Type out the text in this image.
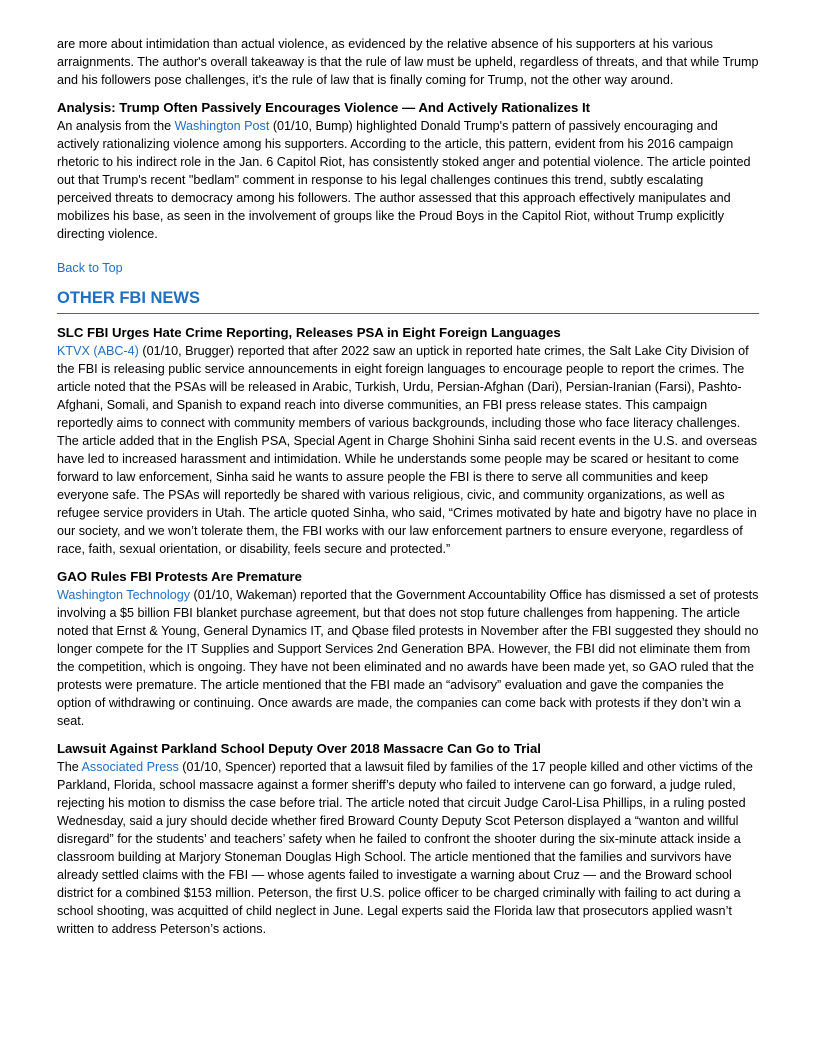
are more about intimidation than actual violence, as evidenced by the relative absence of his supporters at his various arraignments. The author's overall takeaway is that the rule of law must be upheld, regardless of threats, and that while Trump and his followers pose challenges, it's the rule of law that is finally coming for Trump, not the other way around.

Analysis: Trump Often Passively Encourages Violence — And Actively Rationalizes It

An analysis from the Washington Post (01/10, Bump) highlighted Donald Trump's pattern of passively encouraging and actively rationalizing violence among his supporters. According to the article, this pattern, evident from his 2016 campaign rhetoric to his indirect role in the Jan. 6 Capitol Riot, has consistently stoked anger and potential violence. The article pointed out that Trump's recent "bedlam" comment in response to his legal challenges continues this trend, subtly escalating perceived threats to democracy among his followers. The author assessed that this approach effectively manipulates and mobilizes his base, as seen in the involvement of groups like the Proud Boys in the Capitol Riot, without Trump explicitly directing violence.

Back to Top
OTHER FBI NEWS
SLC FBI Urges Hate Crime Reporting, Releases PSA in Eight Foreign Languages

KTVX (ABC-4) (01/10, Brugger) reported that after 2022 saw an uptick in reported hate crimes, the Salt Lake City Division of the FBI is releasing public service announcements in eight foreign languages to encourage people to report the crimes. The article noted that the PSAs will be released in Arabic, Turkish, Urdu, Persian-Afghan (Dari), Persian-Iranian (Farsi), Pashto-Afghani, Somali, and Spanish to expand reach into diverse communities, an FBI press release states. This campaign reportedly aims to connect with community members of various backgrounds, including those who face literacy challenges. The article added that in the English PSA, Special Agent in Charge Shohini Sinha said recent events in the U.S. and overseas have led to increased harassment and intimidation. While he understands some people may be scared or hesitant to come forward to law enforcement, Sinha said he wants to assure people the FBI is there to serve all communities and keep everyone safe. The PSAs will reportedly be shared with various religious, civic, and community organizations, as well as refugee service providers in Utah. The article quoted Sinha, who said, “Crimes motivated by hate and bigotry have no place in our society, and we won’t tolerate them, the FBI works with our law enforcement partners to ensure everyone, regardless of race, faith, sexual orientation, or disability, feels secure and protected.”

GAO Rules FBI Protests Are Premature

Washington Technology (01/10, Wakeman) reported that the Government Accountability Office has dismissed a set of protests involving a $5 billion FBI blanket purchase agreement, but that does not stop future challenges from happening. The article noted that Ernst & Young, General Dynamics IT, and Qbase filed protests in November after the FBI suggested they should no longer compete for the IT Supplies and Support Services 2nd Generation BPA. However, the FBI did not eliminate them from the competition, which is ongoing. They have not been eliminated and no awards have been made yet, so GAO ruled that the protests were premature. The article mentioned that the FBI made an “advisory” evaluation and gave the companies the option of withdrawing or continuing. Once awards are made, the companies can come back with protests if they don’t win a seat.

Lawsuit Against Parkland School Deputy Over 2018 Massacre Can Go to Trial

The Associated Press (01/10, Spencer) reported that a lawsuit filed by families of the 17 people killed and other victims of the Parkland, Florida, school massacre against a former sheriff’s deputy who failed to intervene can go forward, a judge ruled, rejecting his motion to dismiss the case before trial. The article noted that circuit Judge Carol-Lisa Phillips, in a ruling posted Wednesday, said a jury should decide whether fired Broward County Deputy Scot Peterson displayed a “wanton and willful disregard” for the students’ and teachers’ safety when he failed to confront the shooter during the six-minute attack inside a classroom building at Marjory Stoneman Douglas High School. The article mentioned that the families and survivors have already settled claims with the FBI — whose agents failed to investigate a warning about Cruz — and the Broward school district for a combined $153 million. Peterson, the first U.S. police officer to be charged criminally with failing to act during a school shooting, was acquitted of child neglect in June. Legal experts said the Florida law that prosecutors applied wasn’t written to address Peterson’s actions.
